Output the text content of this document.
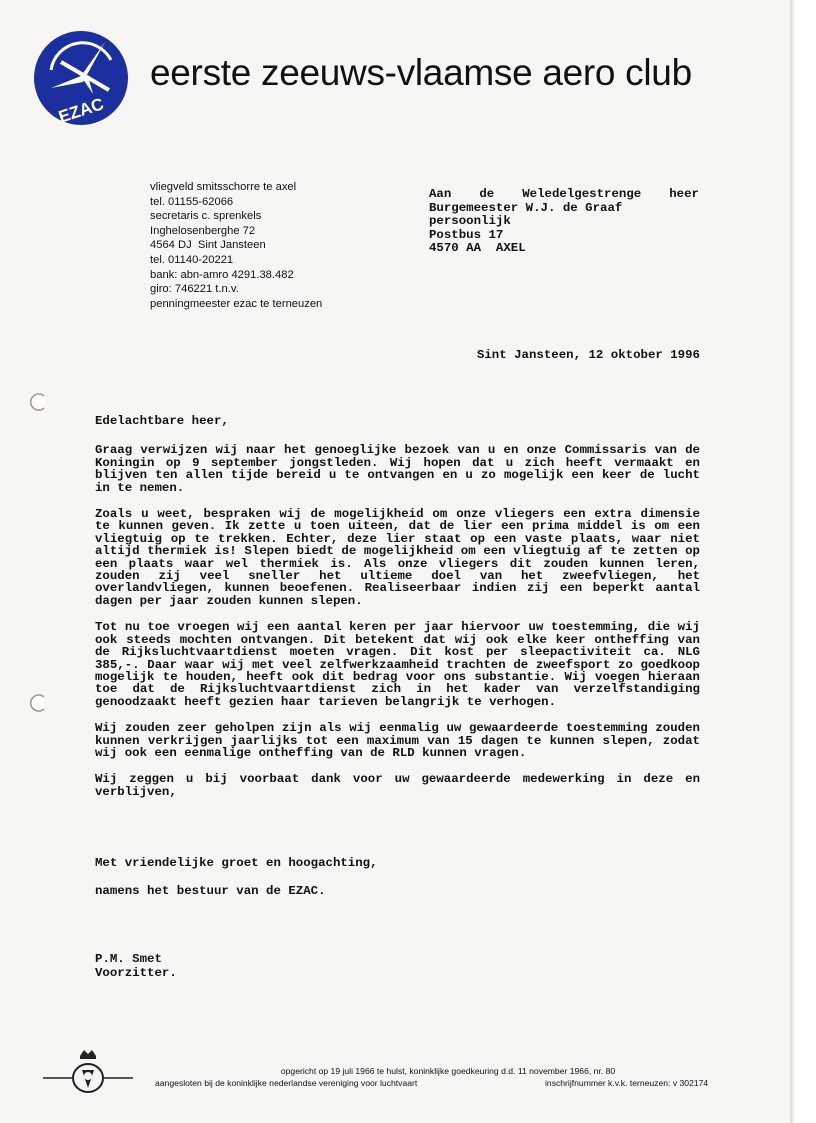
EZAC
eerste zeeuws-vlaamse aero club
vliegveld smitsschorre te axel
tel. 01155-62066
secretaris c. sprenkels
Inghelosenberghe 72
4564 DJ  Sint Jansteen
tel. 01140-20221
bank: abn-amro 4291.38.482
giro: 746221 t.n.v.
penningmeester ezac te terneuzen
Aan de Weledelgestrenge heer
Burgemeester W.J. de Graaf
persoonlijk
Postbus 17
4570 AA  AXEL
Sint Jansteen, 12 oktober 1996

Edelachtbare heer,

Graag verwijzen wij naar het genoeglijke bezoek van u en onze Commissaris van de Koningin op 9 september jongstleden. Wij hopen dat u zich heeft vermaakt en blijven ten allen tijde bereid u te ontvangen en u zo mogelijk een keer de lucht in te nemen.

Zoals u weet, bespraken wij de mogelijkheid om onze vliegers een extra dimensie te kunnen geven. Ik zette u toen uiteen, dat de lier een prima middel is om een vliegtuig op te trekken. Echter, deze lier staat op een vaste plaats, waar niet altijd thermiek is! Slepen biedt de mogelijkheid om een vliegtuig af te zetten op een plaats waar wel thermiek is. Als onze vliegers dit zouden kunnen leren, zouden zij veel sneller het ultieme doel van het zweefvliegen, het overlandvliegen, kunnen beoefenen. Realiseerbaar indien zij een beperkt aantal dagen per jaar zouden kunnen slepen.

Tot nu toe vroegen wij een aantal keren per jaar hiervoor uw toestemming, die wij ook steeds mochten ontvangen. Dit betekent dat wij ook elke keer ontheffing van de Rijksluchtvaartdienst moeten vragen. Dit kost per sleepactiviteit ca. NLG 385,-. Daar waar wij met veel zelfwerkzaamheid trachten de zweefsport zo goedkoop mogelijk te houden, heeft ook dit bedrag voor ons substantie. Wij voegen hieraan toe dat de Rijksluchtvaartdienst zich in het kader van verzelfstandiging genoodzaakt heeft gezien haar tarieven belangrijk te verhogen.

Wij zouden zeer geholpen zijn als wij eenmalig uw gewaardeerde toestemming zouden kunnen verkrijgen jaarlijks tot een maximum van 15 dagen te kunnen slepen, zodat wij ook een eenmalige ontheffing van de RLD kunnen vragen.

Wij zeggen u bij voorbaat dank voor uw gewaardeerde medewerking in deze en verblijven,

Met vriendelijke groet en hoogachting,
namens het bestuur van de EZAC.
P.M. Smet
Voorzitter.
opgericht op 19 juli 1966 te hulst, koninklijke goedkeuring d.d. 11 november 1966, nr. 80
aangesloten bij de koninklijke nederlandse vereniging voor luchtvaart	inschrijfnummer k.v.k. terneuzen: v 302174
